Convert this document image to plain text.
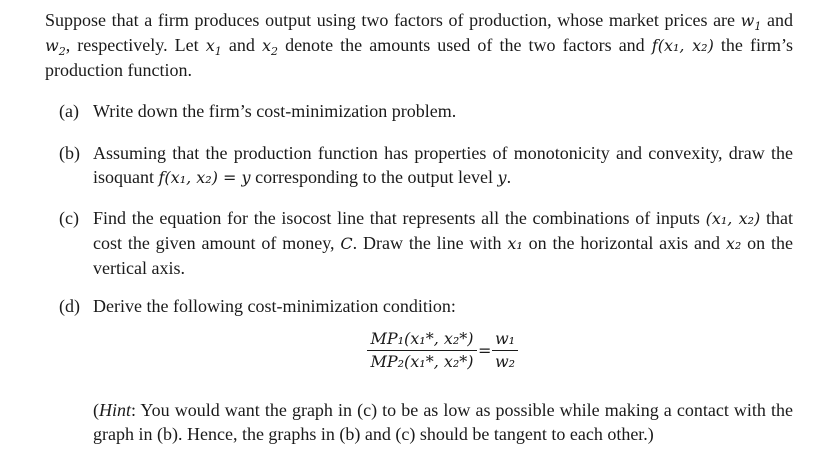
Suppose that a firm produces output using two factors of production, whose market prices are $w_1$ and $w_2$, respectively. Let $x_1$ and $x_2$ denote the amounts used of the two factors and f(x₁, x₂) the firm’s production function.
(a) Write down the firm’s cost-minimization problem.
(b) Assuming that the production function has properties of monotonicity and convexity, draw the isoquant f(x₁, x₂) = y corresponding to the output level y.
(c) Find the equation for the isocost line that represents all the combinations of inputs (x₁, x₂) that cost the given amount of money, C. Draw the line with x₁ on the horizontal axis and x₂ on the vertical axis.
(d) Derive the following cost-minimization condition:
MP₁(x₁*, x₂*)
MP₂(x₁*, x₂*)
=
w₁
w₂
(Hint: You would want the graph in (c) to be as low as possible while making a contact with the graph in (b). Hence, the graphs in (b) and (c) should be tangent to each other.)
